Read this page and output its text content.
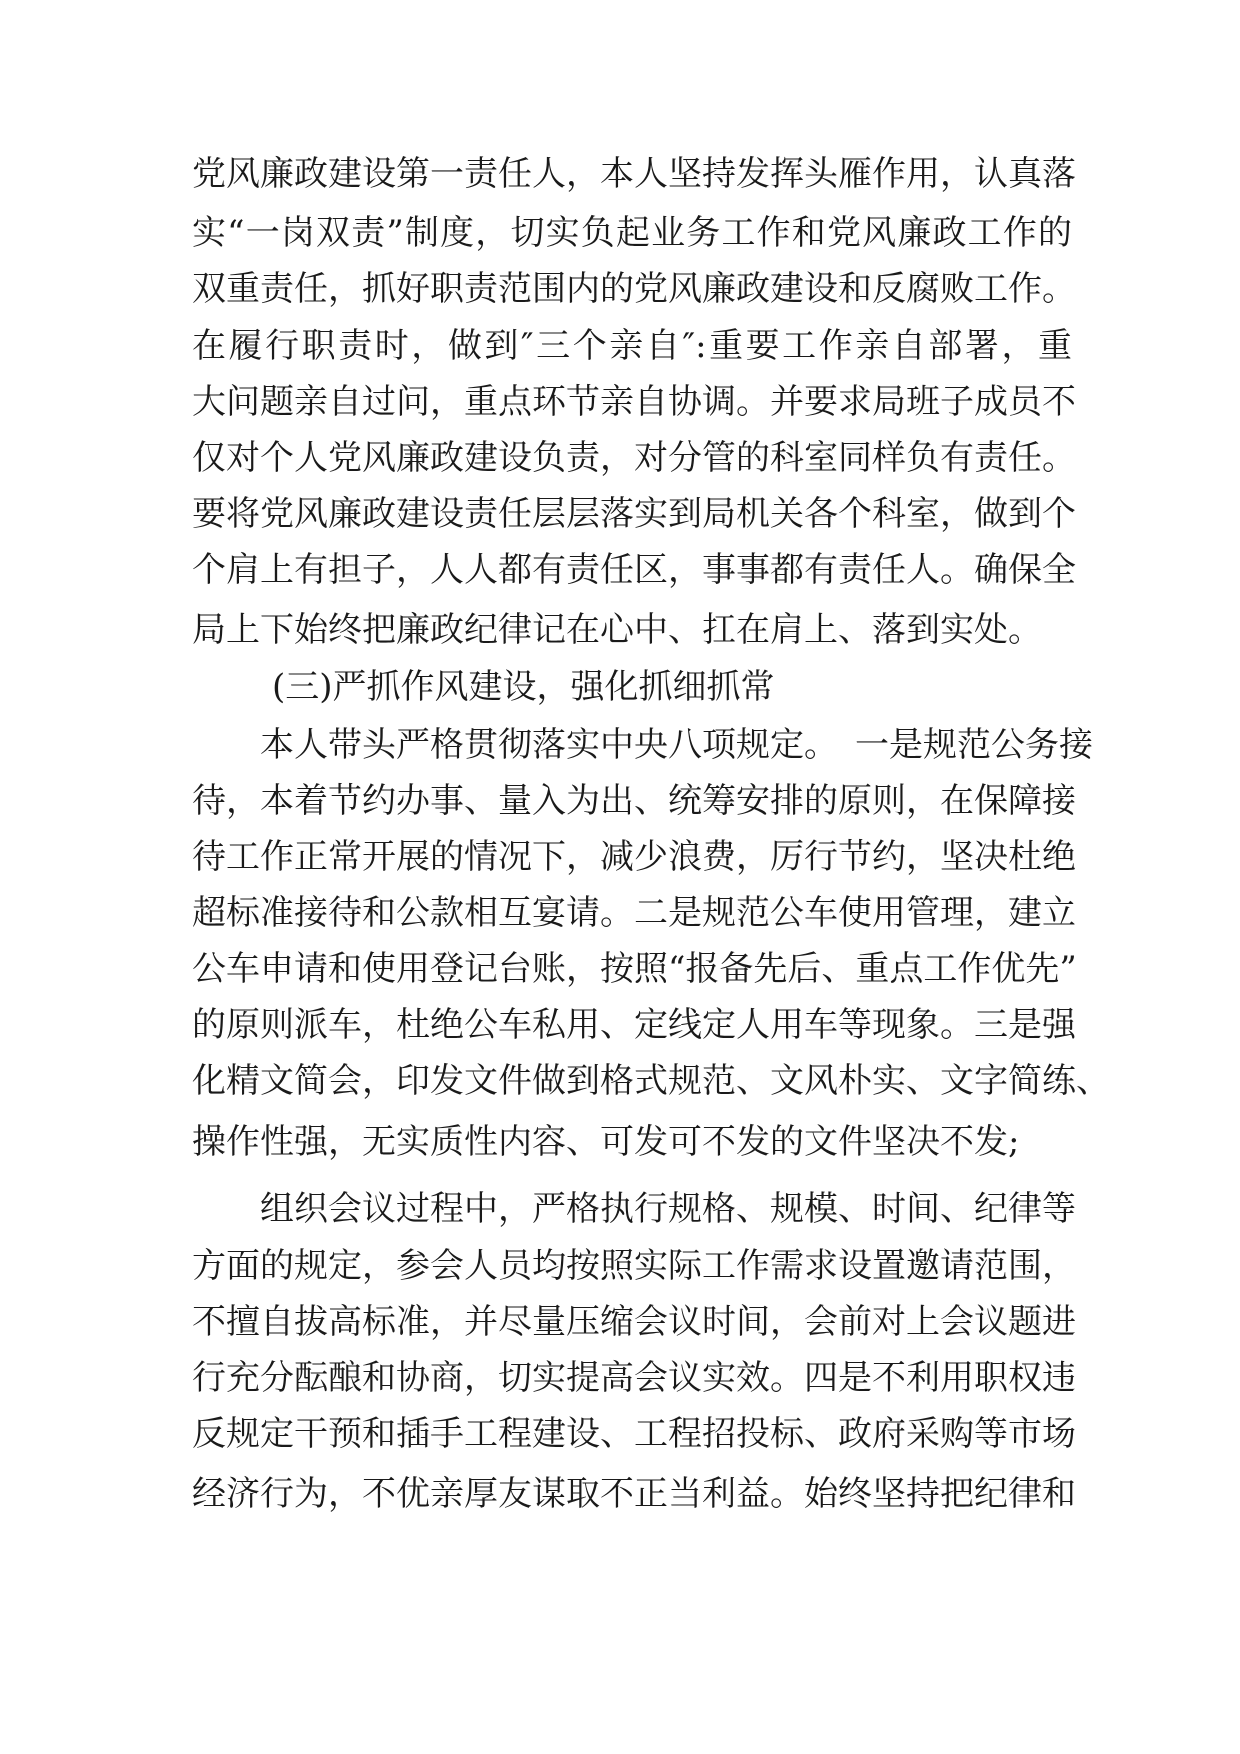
党风廉政建设第一责任人，本人坚持发挥头雁作用，认真落
实“一岗双责”制度，切实负起业务工作和党风廉政工作的
双重责任，抓好职责范围内的党风廉政建设和反腐败工作。
在履行职责时，做到″三个亲自″:重要工作亲自部署，重
大问题亲自过问，重点环节亲自协调。并要求局班子成员不
仅对个人党风廉政建设负责，对分管的科室同样负有责任。
要将党风廉政建设责任层层落实到局机关各个科室，做到个
个肩上有担子，人人都有责任区，事事都有责任人。确保全
局上下始终把廉政纪律记在心中、扛在肩上、落到实处。
(三)严抓作风建设，强化抓细抓常
本人带头严格贯彻落实中央八项规定。　一是规范公务接
待，本着节约办事、量入为出、统筹安排的原则，在保障接
待工作正常开展的情况下，减少浪费，厉行节约，坚决杜绝
超标准接待和公款相互宴请。二是规范公车使用管理，建立
公车申请和使用登记台账，按照“报备先后、重点工作优先”
的原则派车，杜绝公车私用、定线定人用车等现象。三是强
化精文简会，印发文件做到格式规范、文风朴实、文字简练、
操作性强，无实质性内容、可发可不发的文件坚决不发;
组织会议过程中，严格执行规格、规模、时间、纪律等
方面的规定，参会人员均按照实际工作需求设置邀请范围，
不擅自拔高标准，并尽量压缩会议时间，会前对上会议题进
行充分酝酿和协商，切实提高会议实效。四是不利用职权违
反规定干预和插手工程建设、工程招投标、政府采购等市场
经济行为，不优亲厚友谋取不正当利益。始终坚持把纪律和
